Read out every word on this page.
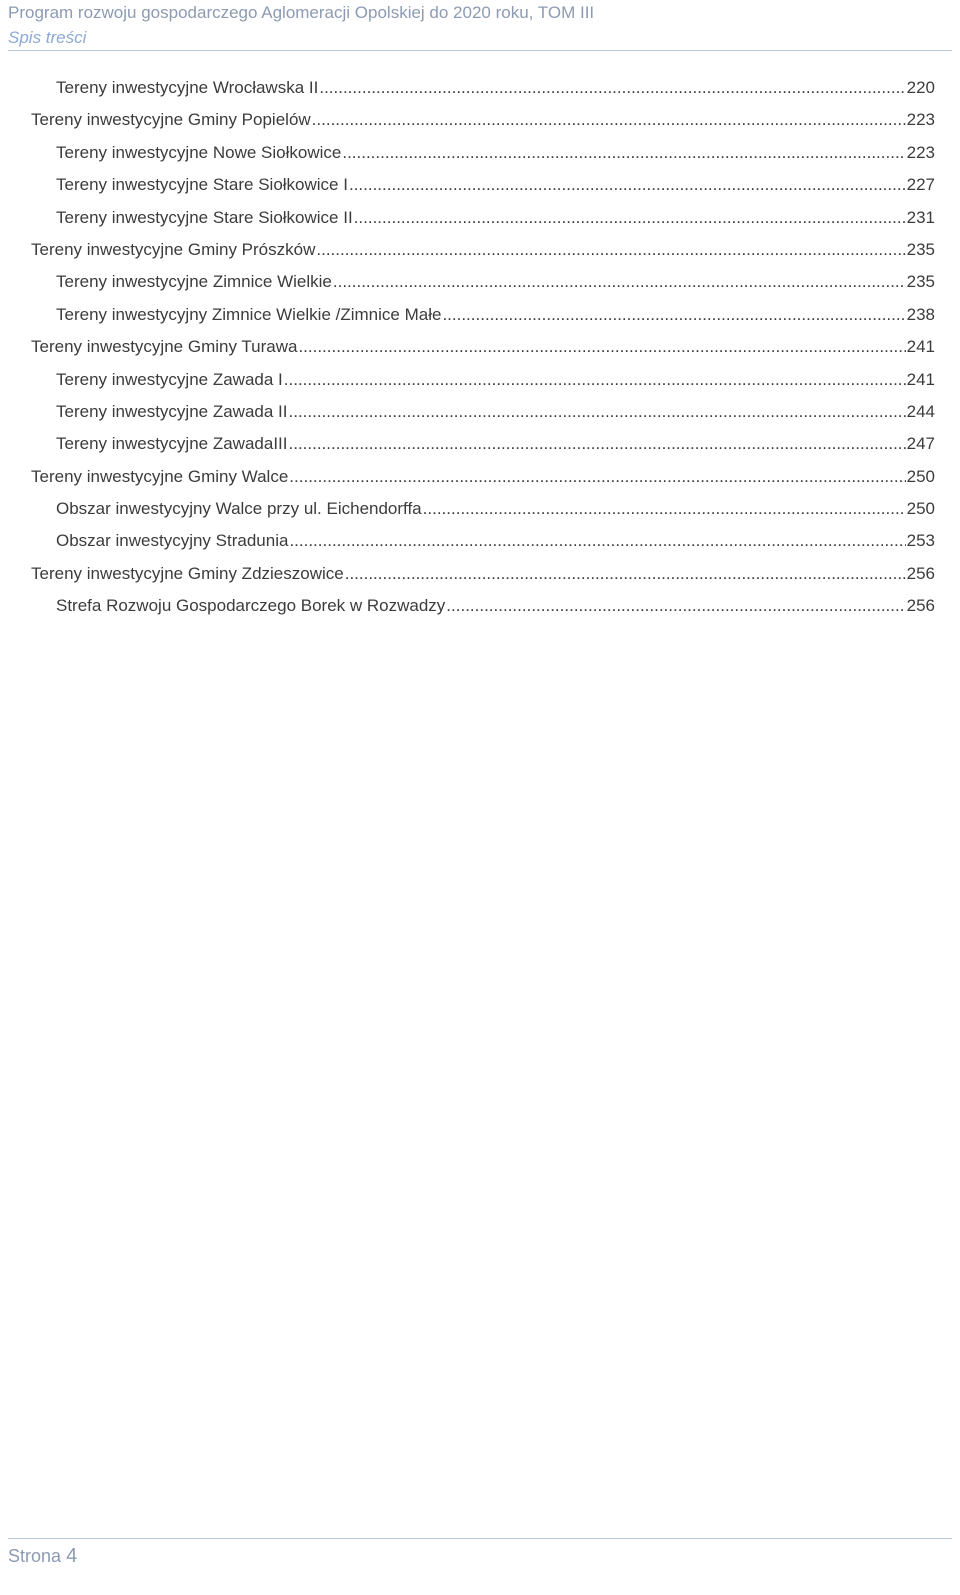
Program rozwoju gospodarczego Aglomeracji Opolskiej do 2020 roku, TOM III
Spis treści
Tereny inwestycyjne Wrocławska II .....	220
Tereny inwestycyjne Gminy Popielów .....	223
Tereny inwestycyjne Nowe Siołkowice .....	223
Tereny inwestycyjne Stare Siołkowice I .....	227
Tereny inwestycyjne Stare Siołkowice II .....	231
Tereny inwestycyjne Gminy Prószków .....	235
Tereny inwestycyjne Zimnice Wielkie .....	235
Tereny inwestycyjny Zimnice Wielkie /Zimnice Małe .....	238
Tereny inwestycyjne Gminy Turawa .....	241
Tereny inwestycyjne Zawada I .....	241
Tereny inwestycyjne Zawada II .....	244
Tereny inwestycyjne ZawadaIII .....	247
Tereny inwestycyjne Gminy Walce .....	250
Obszar inwestycyjny Walce przy ul. Eichendorffa .....	250
Obszar inwestycyjny Stradunia .....	253
Tereny inwestycyjne Gminy Zdzieszowice .....	256
Strefa Rozwoju Gospodarczego Borek w Rozwadzy .....	256
Strona 4
